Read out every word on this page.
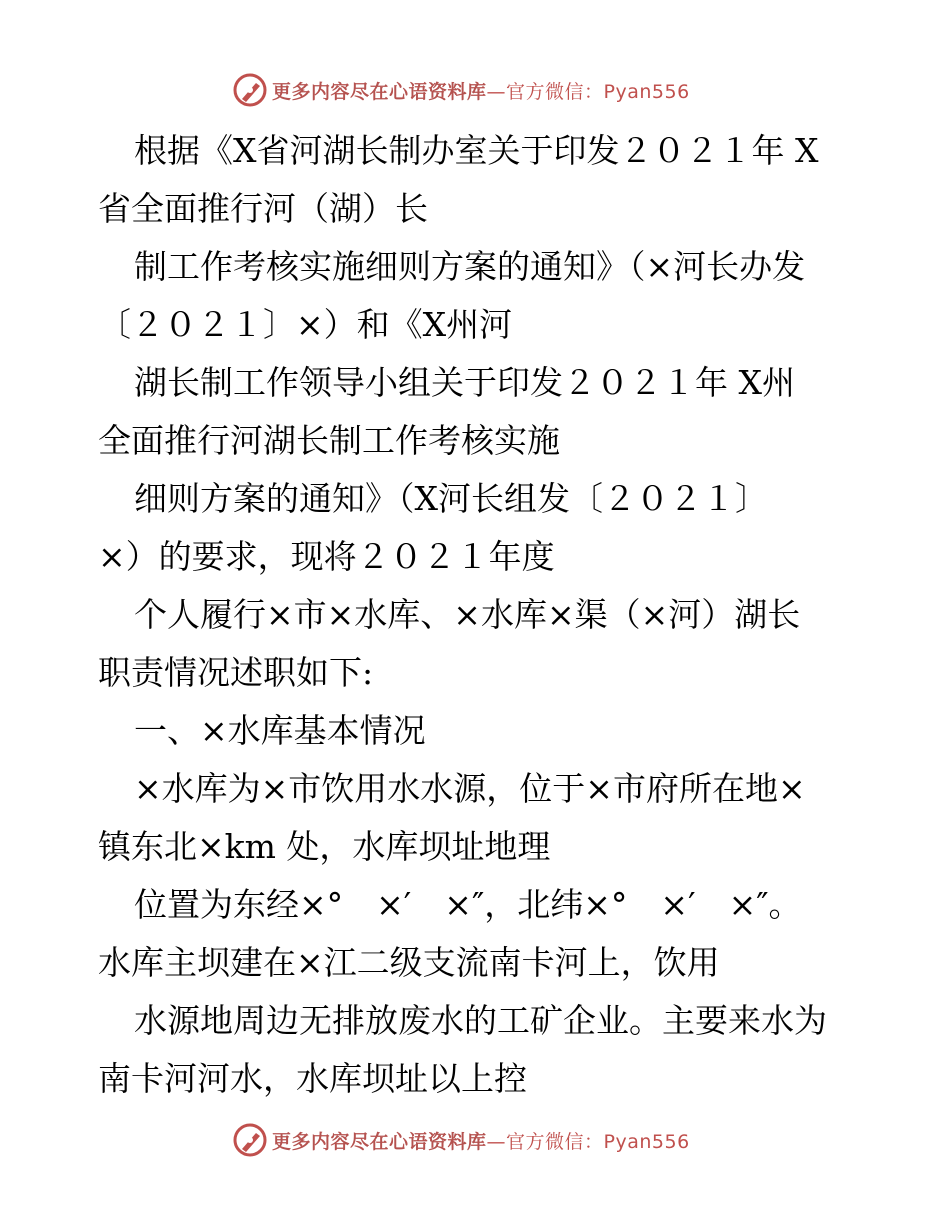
更多内容尽在心语资料库—官方微信：Pyan556
根据《X省河湖长制办室关于印发２０２１年 X
省全面推行河（湖）长
制工作考核实施细则方案的通知》（×河长办发
〔２０２１〕×）和《X州河
湖长制工作领导小组关于印发２０２１年 X州
全面推行河湖长制工作考核实施
细则方案的通知》（X河长组发〔２０２１〕
×）的要求，现将２０２１年度
个人履行×市×水库、×水库×渠（×河）湖长
职责情况述职如下:
一、×水库基本情况
×水库为×市饮用水水源，位于×市府所在地×
镇东北×km 处，水库坝址地理
位置为东经×°　×′　×″，北纬×°　×′　×″。
水库主坝建在×江二级支流南卡河上，饮用
水源地周边无排放废水的工矿企业。主要来水为
南卡河河水，水库坝址以上控
更多内容尽在心语资料库—官方微信：Pyan556
